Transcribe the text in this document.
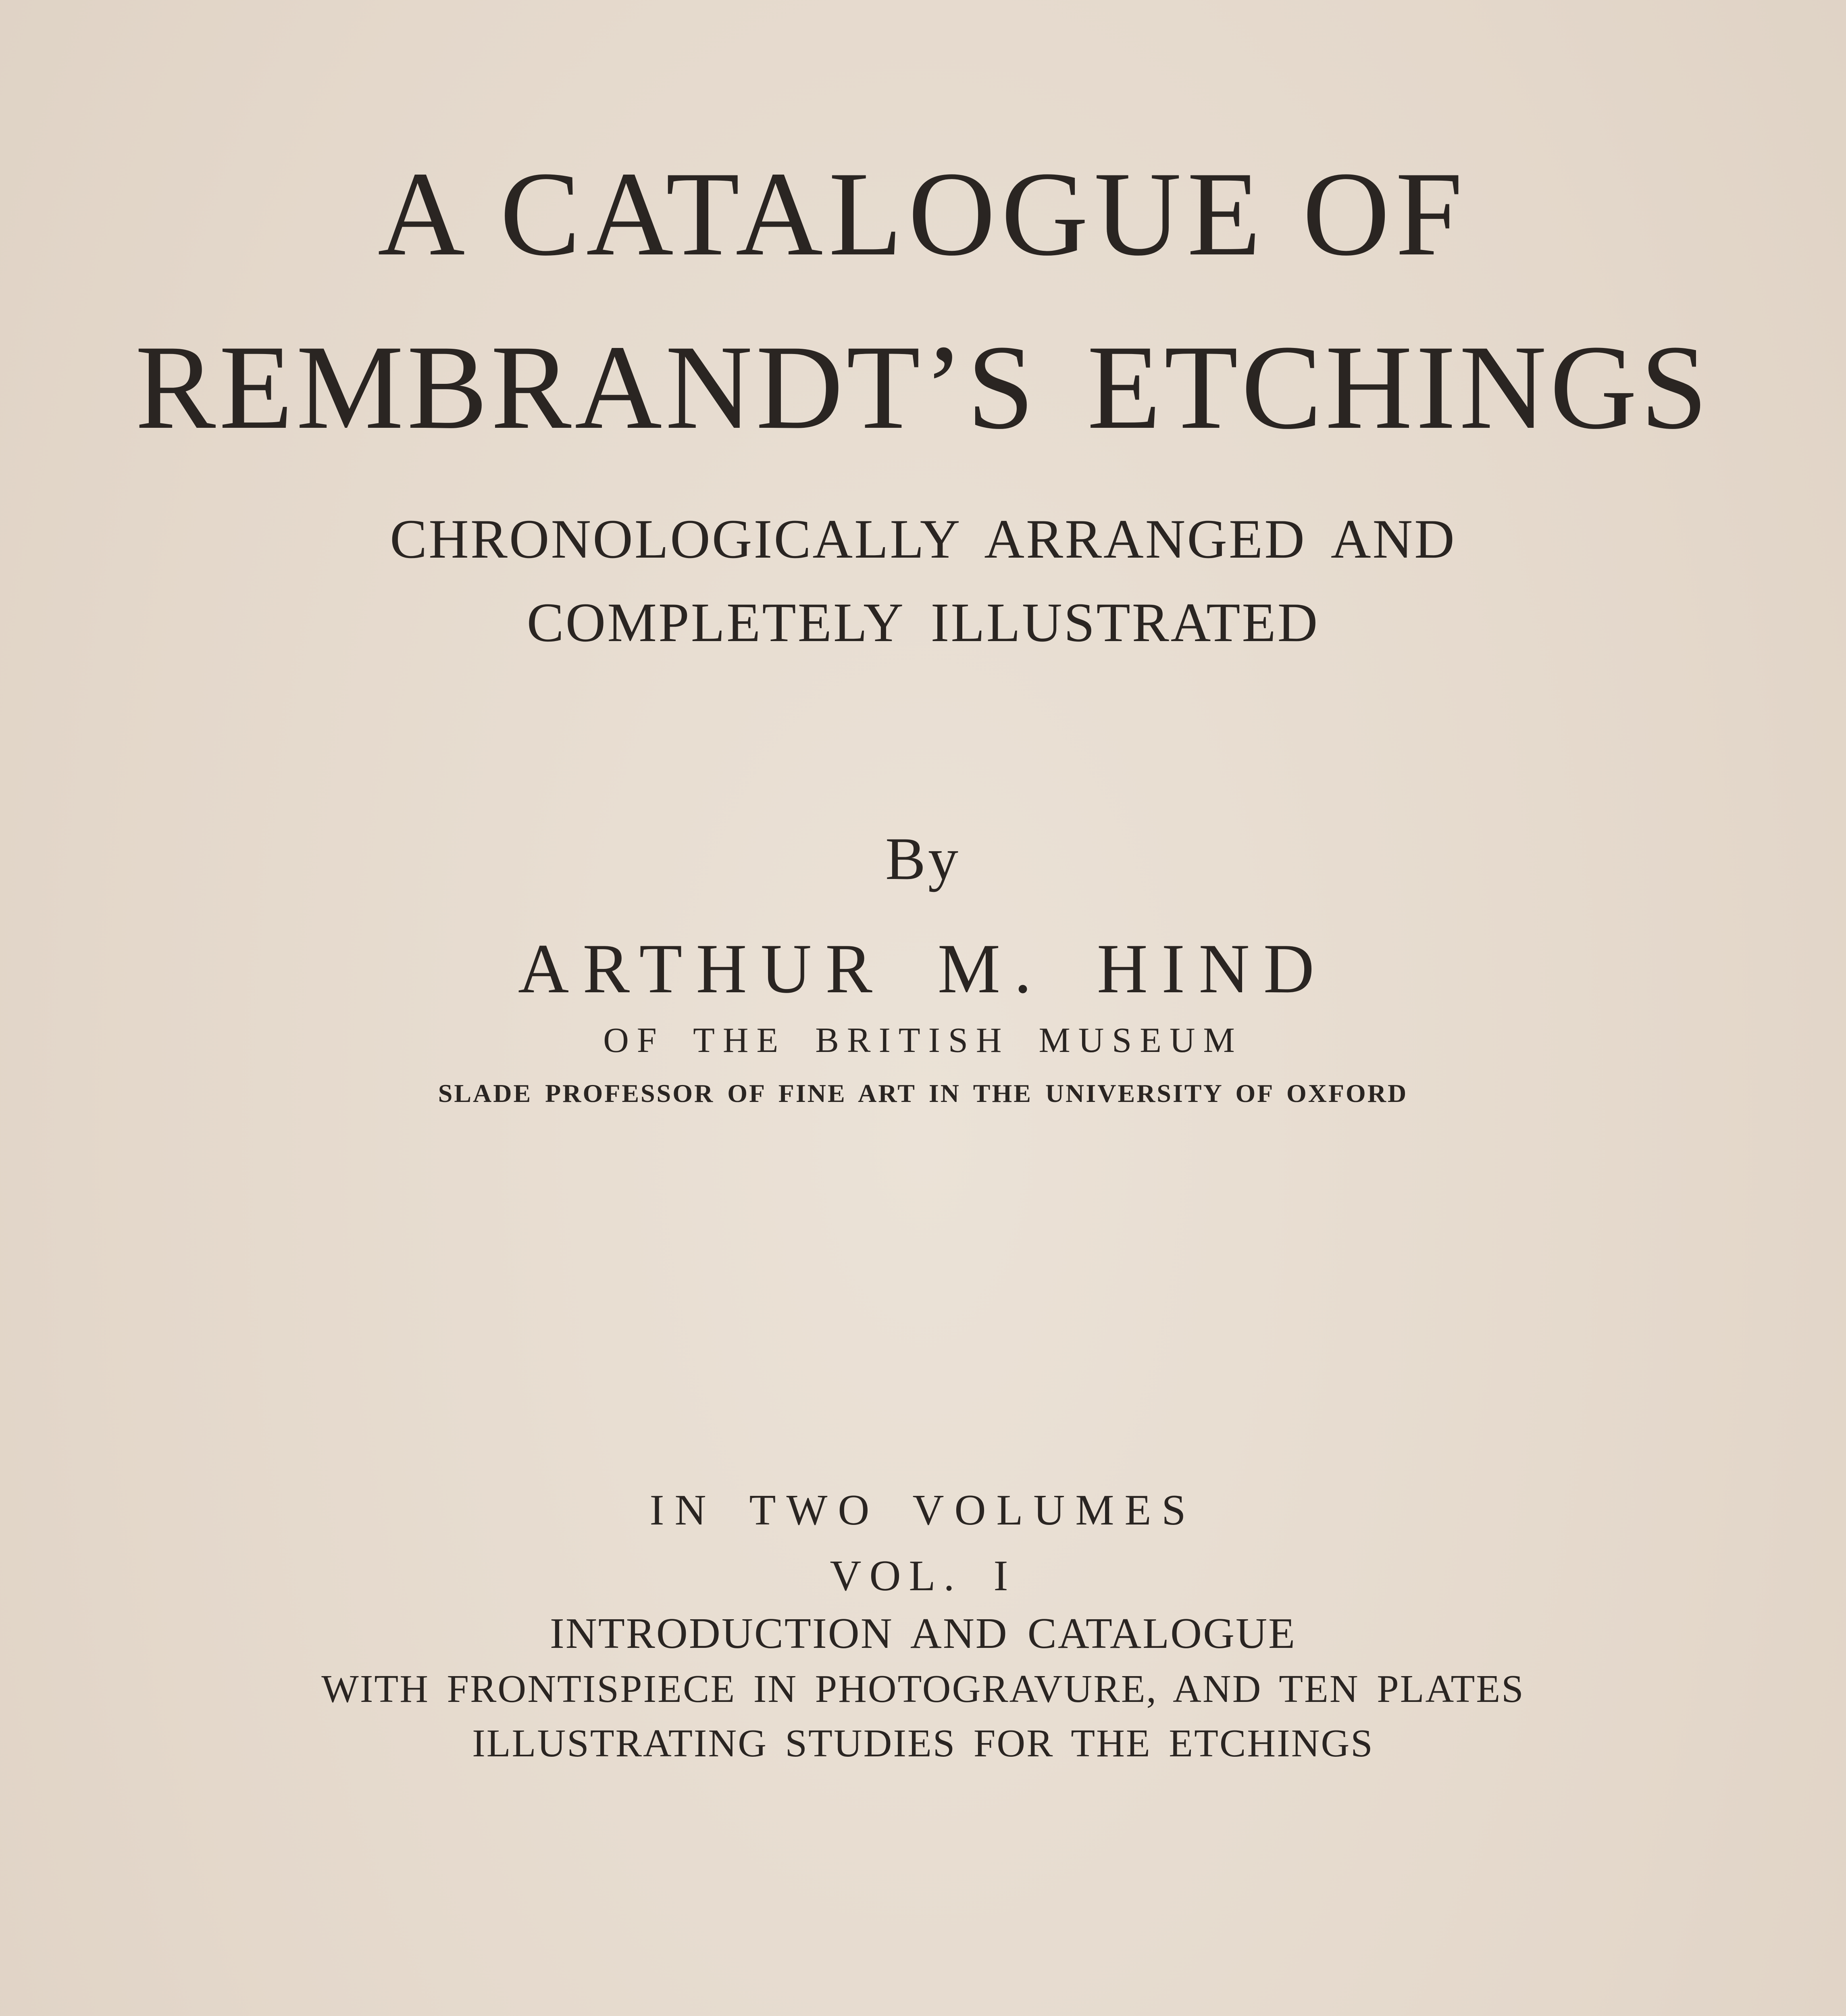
A CATALOGUE OF
REMBRANDT’S ETCHINGS
CHRONOLOGICALLY ARRANGED AND
COMPLETELY ILLUSTRATED
By
ARTHUR M. HIND
OF THE BRITISH MUSEUM
SLADE PROFESSOR OF FINE ART IN THE UNIVERSITY OF OXFORD
IN TWO VOLUMES
VOL. I
INTRODUCTION AND CATALOGUE
WITH FRONTISPIECE IN PHOTOGRAVURE, AND TEN PLATES
ILLUSTRATING STUDIES FOR THE ETCHINGS
